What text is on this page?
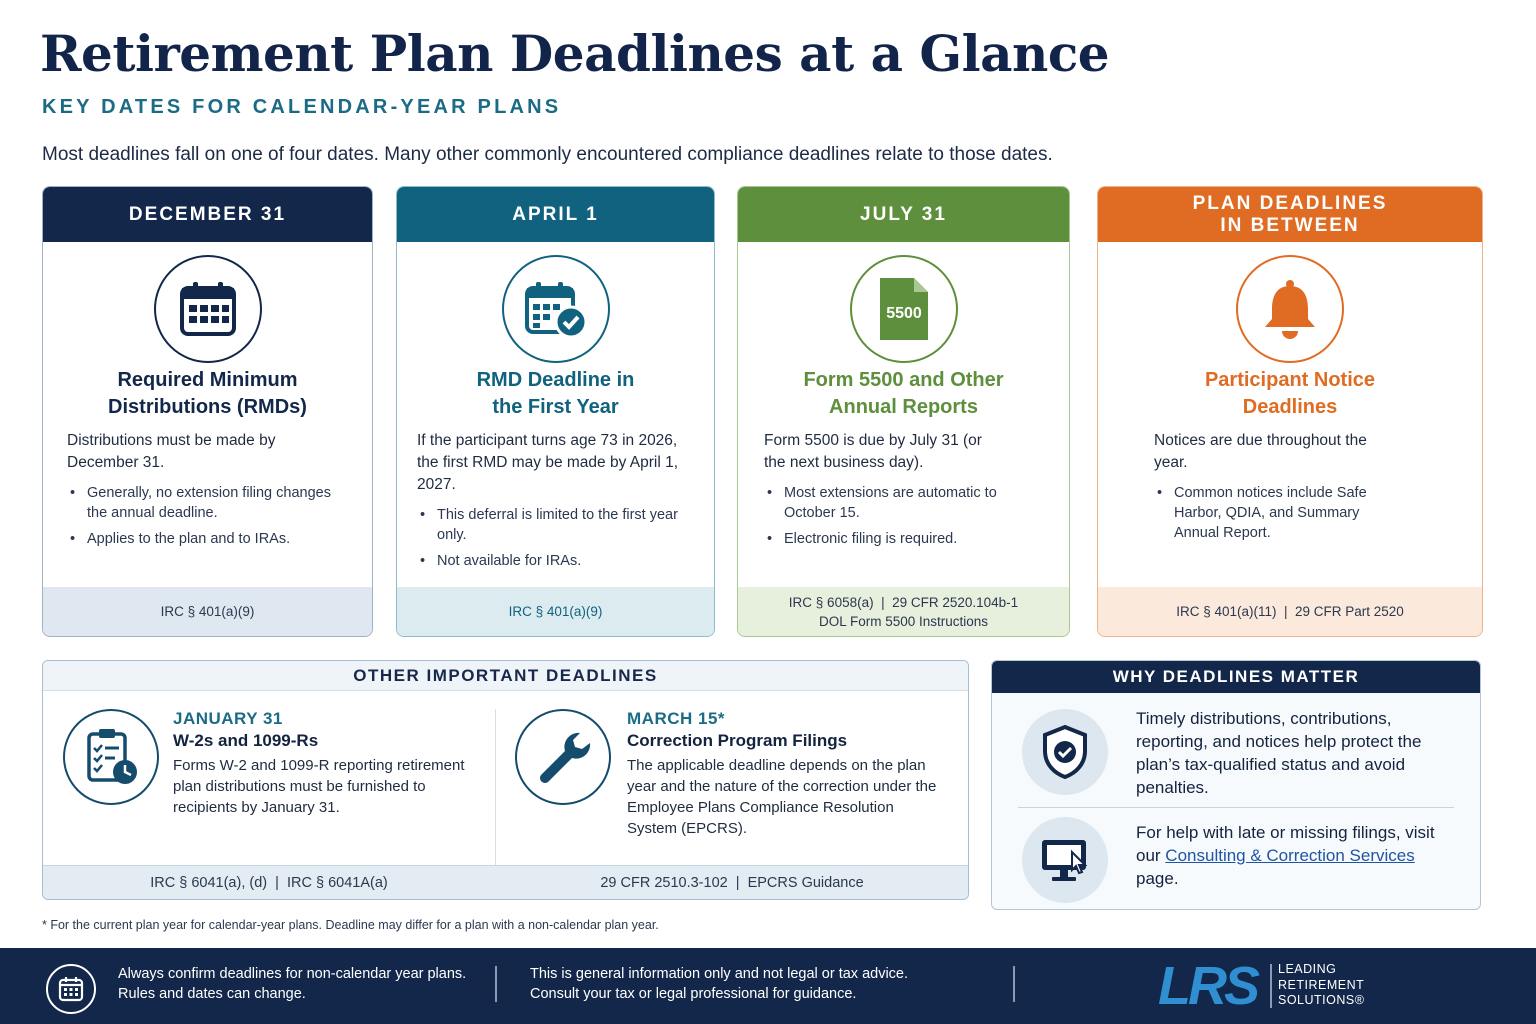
Retirement Plan Deadlines at a Glance
KEY DATES FOR CALENDAR-YEAR PLANS
Most deadlines fall on one of four dates. Many other commonly encountered compliance deadlines relate to those dates.
DECEMBER 31
Required Minimum
Distributions (RMDs)
Distributions must be made by December 31.
• Generally, no extension filing changes the annual deadline.
• Applies to the plan and to IRAs.
IRC § 401(a)(9)
APRIL 1
RMD Deadline in
the First Year
If the participant turns age 73 in 2026, the first RMD may be made by April 1, 2027.
• This deferral is limited to the first year only.
• Not available for IRAs.
IRC § 401(a)(9)
JULY 31
5500
Form 5500 and Other
Annual Reports
Form 5500 is due by July 31 (or the next business day).
• Most extensions are automatic to October 15.
• Electronic filing is required.
IRC § 6058(a)  |  29 CFR 2520.104b-1
DOL Form 5500 Instructions
PLAN DEADLINES
IN BETWEEN
Participant Notice
Deadlines
Notices are due throughout the year.
• Common notices include Safe Harbor, QDIA, and Summary Annual Report.
IRC § 401(a)(11)  |  29 CFR Part 2520
OTHER IMPORTANT DEADLINES
JANUARY 31
W-2s and 1099-Rs
Forms W-2 and 1099-R reporting retirement plan distributions must be furnished to recipients by January 31.
MARCH 15*
Correction Program Filings
The applicable deadline depends on the plan year and the nature of the correction under the Employee Plans Compliance Resolution System (EPCRS).
IRC § 6041(a), (d)  |  IRC § 6041A(a)	29 CFR 2510.3-102  |  EPCRS Guidance
WHY DEADLINES MATTER
Timely distributions, contributions, reporting, and notices help protect the plan’s tax-qualified status and avoid penalties.
For help with late or missing filings, visit our Consulting & Correction Services page.
* For the current plan year for calendar-year plans. Deadline may differ for a plan with a non-calendar plan year.
Always confirm deadlines for non-calendar year plans.
Rules and dates can change.
This is general information only and not legal or tax advice.
Consult your tax or legal professional for guidance.	LRS LEADING
RETIREMENT
SOLUTIONS®
